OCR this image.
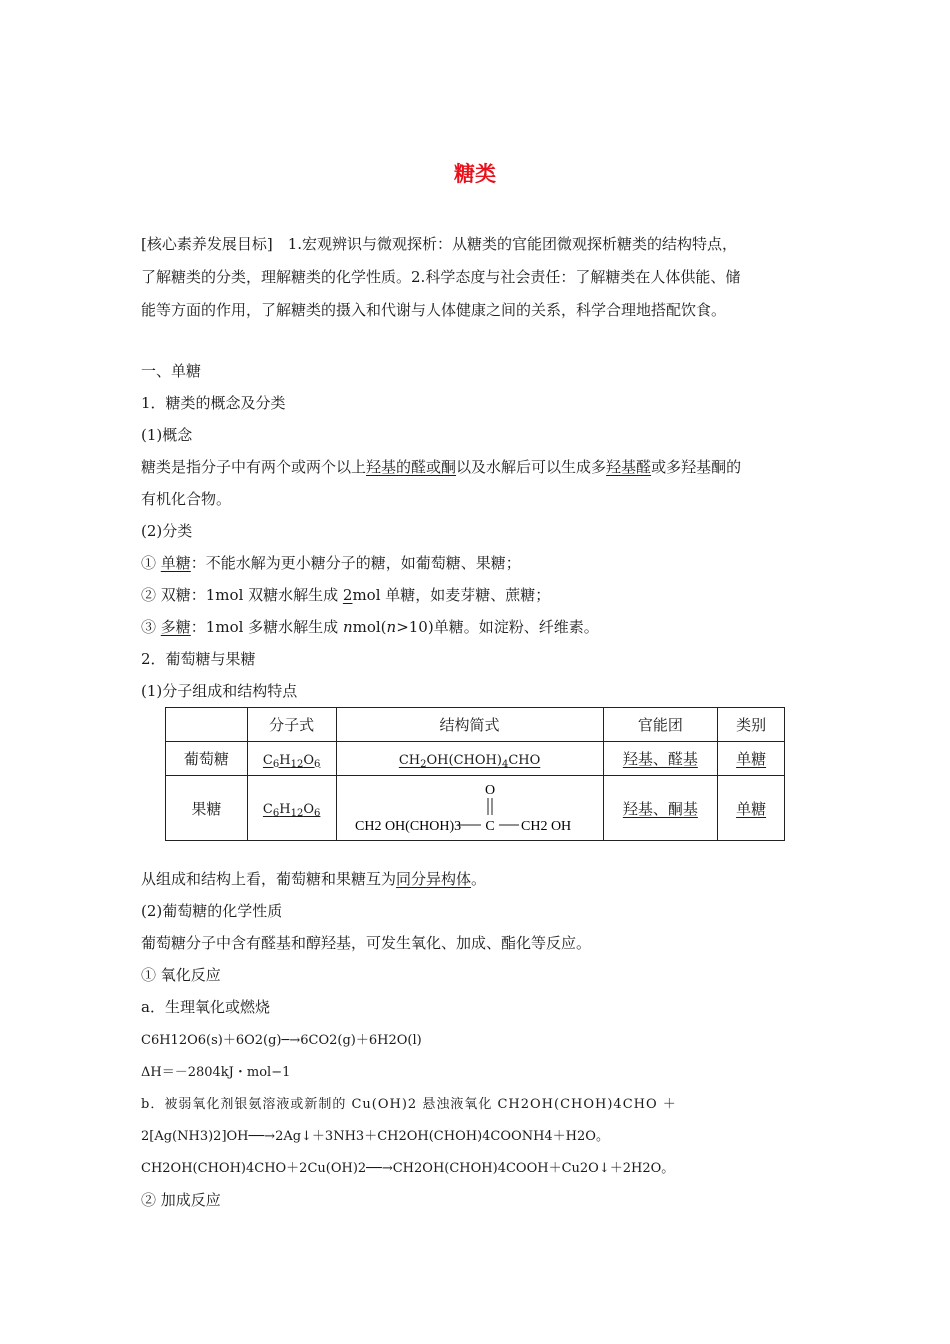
糖类
[核心素养发展目标]　1.宏观辨识与微观探析：从糖类的官能团微观探析糖类的结构特点，
了解糖类的分类，理解糖类的化学性质。2.科学态度与社会责任：了解糖类在人体供能、储
能等方面的作用，了解糖类的摄入和代谢与人体健康之间的关系，科学合理地搭配饮食。
一、单糖
1．糖类的概念及分类
(1)概念
糖类是指分子中有两个或两个以上羟基的醛或酮以及水解后可以生成多羟基醛或多羟基酮的
有机化合物。
(2)分类
① 单糖：不能水解为更小糖分子的糖，如葡萄糖、果糖；
② 双糖：1mol 双糖水解生成 2mol 单糖，如麦芽糖、蔗糖；
③ 多糖：1mol 多糖水解生成 nmol(n>10)单糖。如淀粉、纤维素。
2．葡萄糖与果糖
(1)分子组成和结构特点
	分子式	结构简式	官能团	类别
葡萄糖	$C_6H_{12}O_6$	$CH_2OH(CHOH)_4CHO$	羟基、醛基	单糖
果糖	$C_6H_{12}O_6$	O
CH2 OH(CHOH)3 C CH2 OH	羟基、酮基	单糖
从组成和结构上看，葡萄糖和果糖互为同分异构体。
(2)葡萄糖的化学性质
葡萄糖分子中含有醛基和醇羟基，可发生氧化、加成、酯化等反应。
① 氧化反应
a．生理氧化或燃烧
C6H12O6(s)＋6O2(g)─→6CO2(g)＋6H2O(l)
ΔH＝－2804kJ・mol−1
b．被弱氧化剂银氨溶液或新制的 Cu(OH)2 悬浊液氧化 CH2OH(CHOH)4CHO ＋
2[Ag(NH3)2]OH──→2Ag↓＋3NH3＋CH2OH(CHOH)4COONH4＋H2O。
CH2OH(CHOH)4CHO＋2Cu(OH)2──→CH2OH(CHOH)4COOH＋Cu2O↓＋2H2O。
② 加成反应
